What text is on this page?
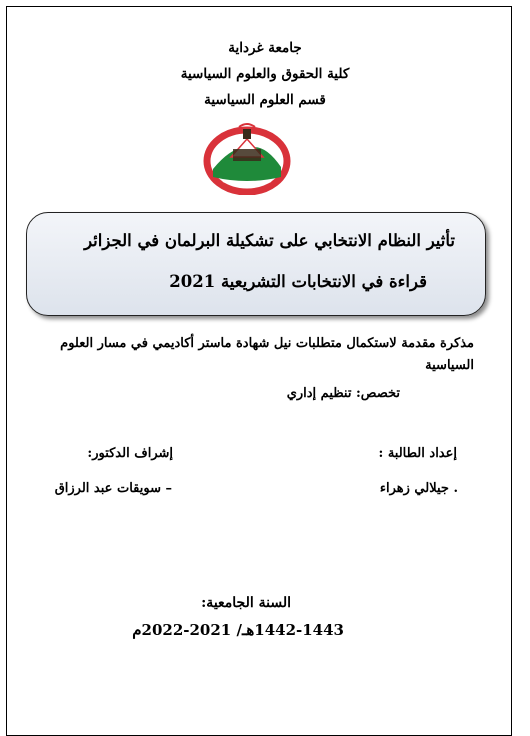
جامعة غرداية
كلية الحقوق والعلوم السياسية
قسم العلوم السياسية
تأثير النظام الانتخابي على تشكيلة البرلمان في الجزائر
قراءة في الانتخابات التشريعية 2021
مذكرة مقدمة لاستكمال متطلبات نيل شهادة ماستر أكاديمي في مسار العلوم السياسية
تخصص: تنظيم إداري
إعداد الطالبة :
. جيلالي زهراء
إشراف الدكتور:
– سويقات عبد الرزاق
السنة الجامعية:
1442-1443هـ/ 2021-2022م
